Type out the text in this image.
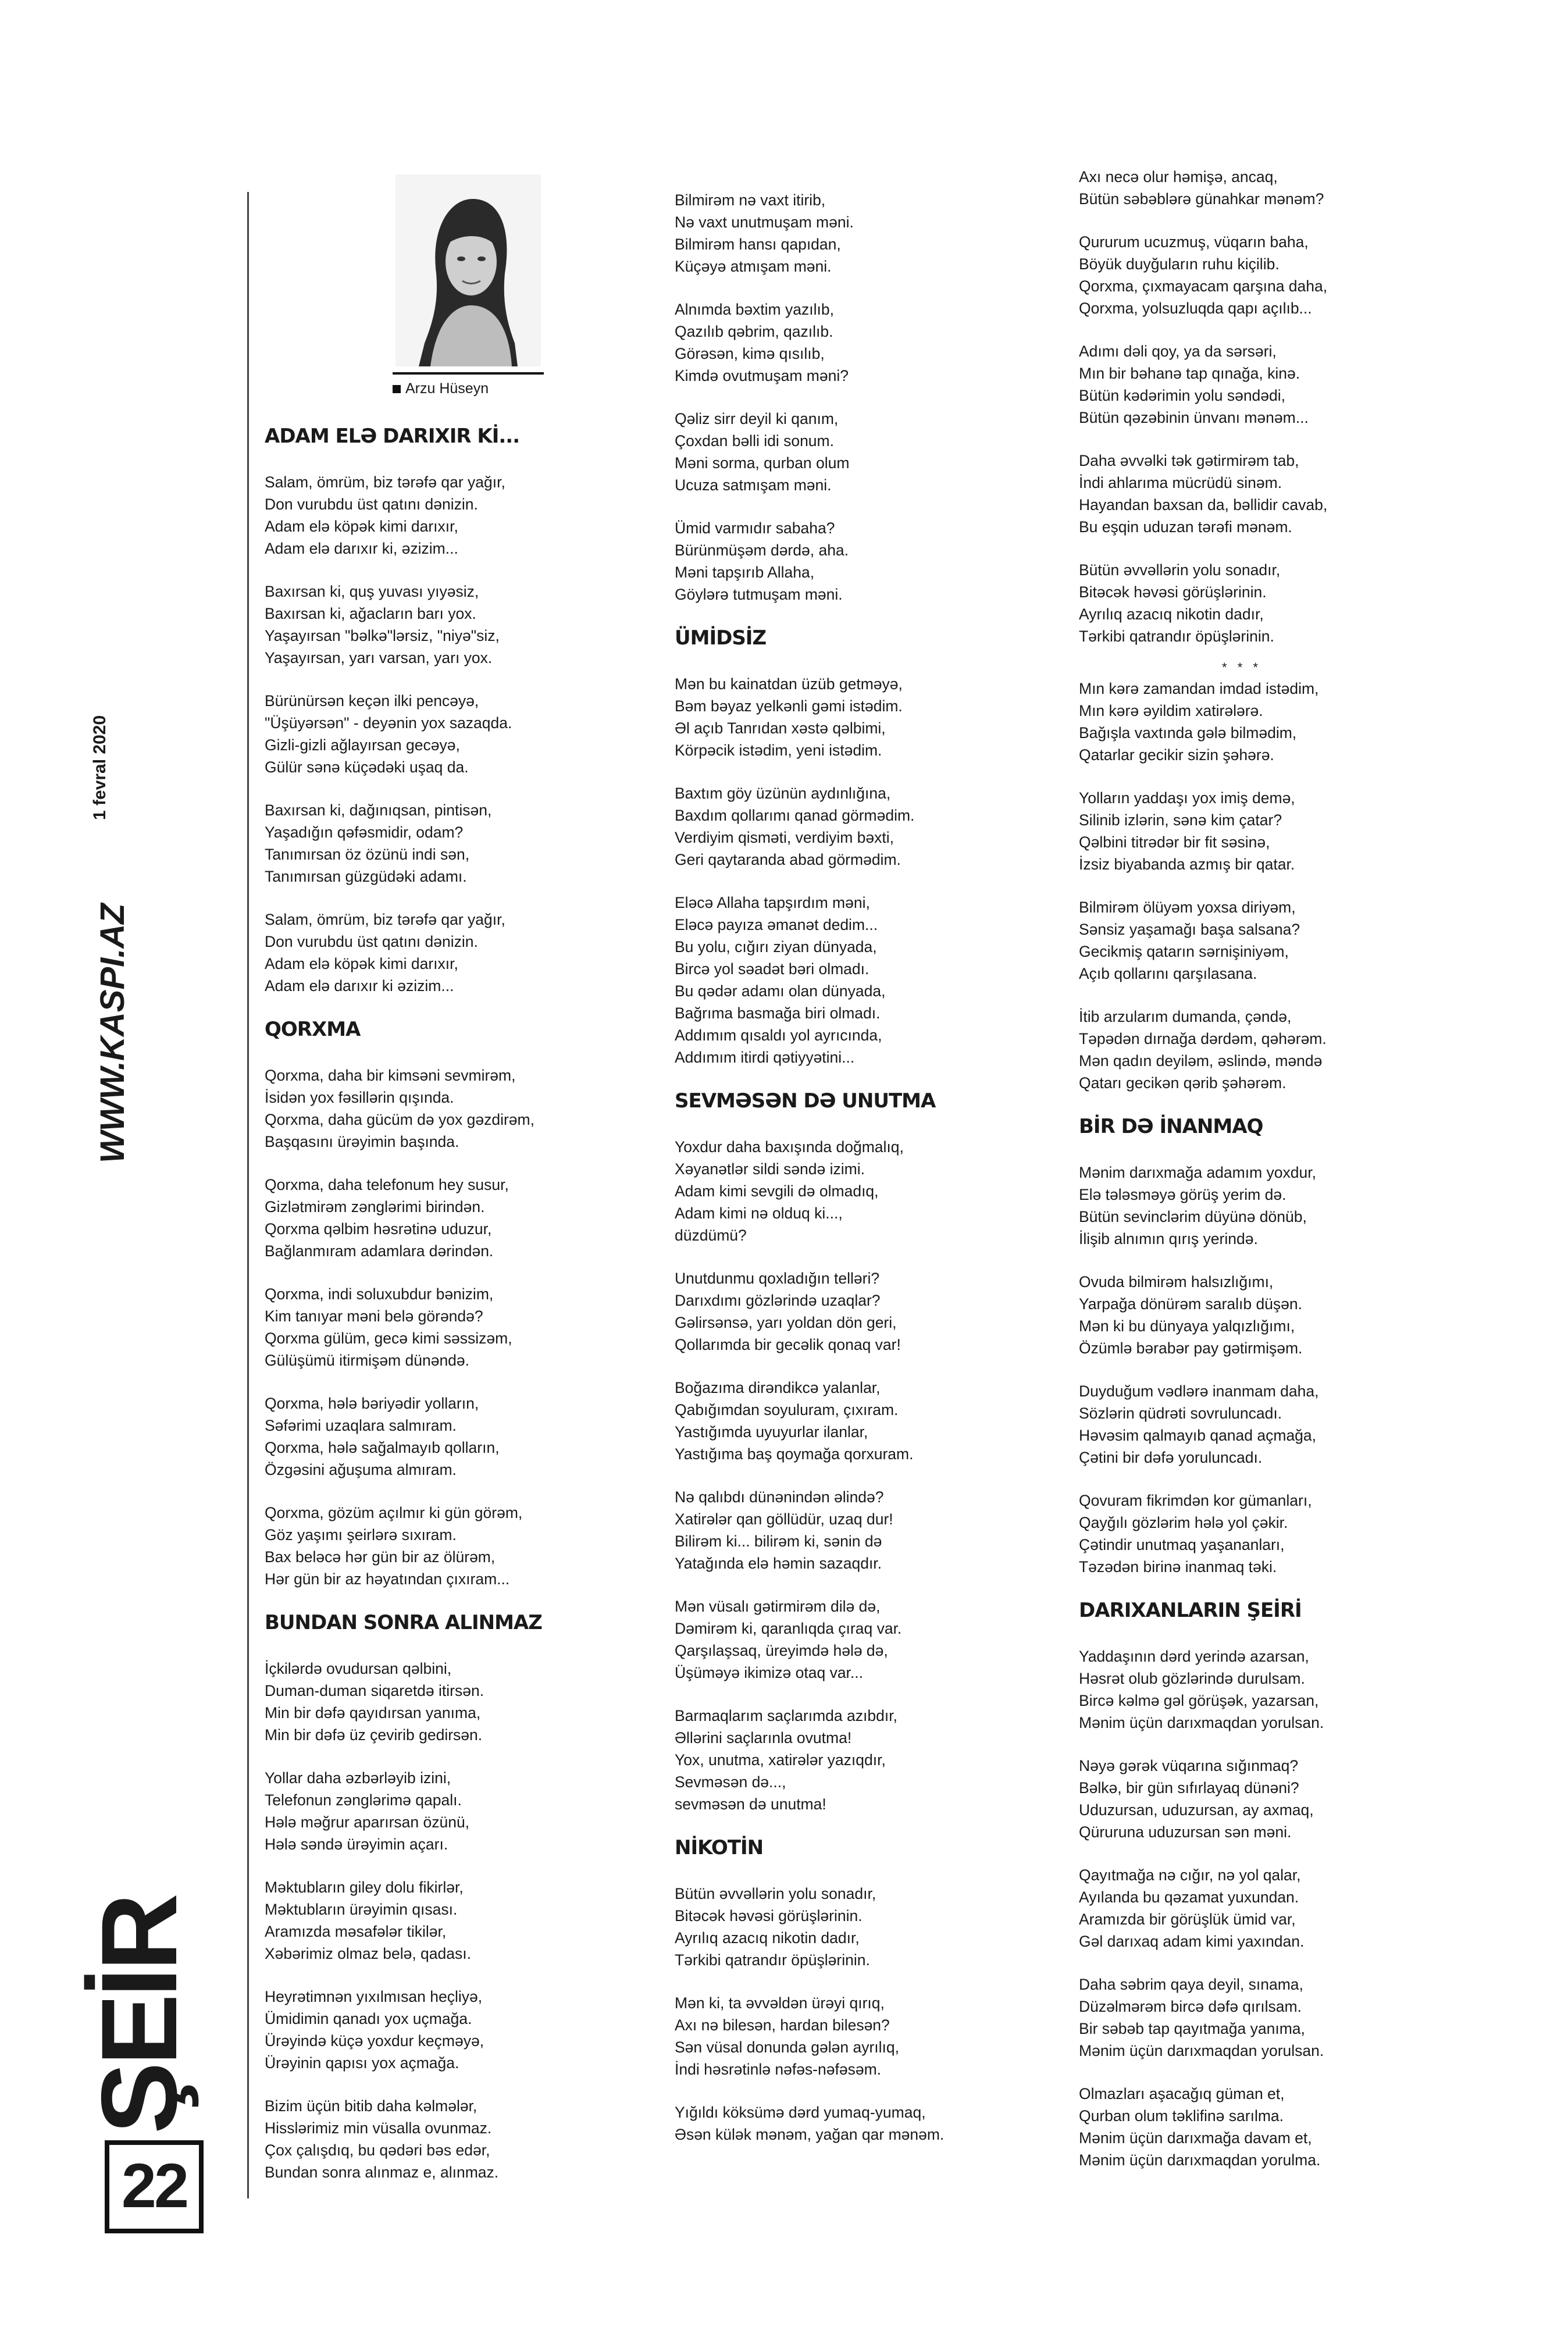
1 fevral 2020
WWW.KASPI.AZ
ŞEİR
22
Arzu Hüseyn
ADAM ELƏ DARIXIR Kİ...
Salam, ömrüm, biz tərəfə qar yağır,
Don vurubdu üst qatını dənizin.
Adam elə köpək kimi darıxır,
Adam elə darıxır ki, əzizim...
Baxırsan ki, quş yuvası yıyəsiz,
Baxırsan ki, ağacların barı yox.
Yaşayırsan "bəlkə"lərsiz, "niyə"siz,
Yaşayırsan, yarı varsan, yarı yox.
Bürünürsən keçən ilki pencəyə,
"Üşüyərsən" - deyənin yox sazaqda.
Gizli-gizli ağlayırsan gecəyə,
Gülür sənə küçədəki uşaq da.
Baxırsan ki, dağınıqsan, pintisən,
Yaşadığın qəfəsmidir, odam?
Tanımırsan öz özünü indi sən,
Tanımırsan güzgüdəki adamı.
Salam, ömrüm, biz tərəfə qar yağır,
Don vurubdu üst qatını dənizin.
Adam elə köpək kimi darıxır,
Adam elə darıxır ki əzizim...
QORXMA
Qorxma, daha bir kimsəni sevmirəm,
İsidən yox fəsillərin qışında.
Qorxma, daha gücüm də yox gəzdirəm,
Başqasını ürəyimin başında.
Qorxma, daha telefonum hey susur,
Gizlətmirəm zənglərimi birindən.
Qorxma qəlbim həsrətinə uduzur,
Bağlanmıram adamlara dərindən.
Qorxma, indi soluxubdur bənizim,
Kim tanıyar məni belə görəndə?
Qorxma gülüm, gecə kimi səssizəm,
Gülüşümü itirmişəm dünəndə.
Qorxma, hələ bəriyədir yolların,
Səfərimi uzaqlara salmıram.
Qorxma, hələ sağalmayıb qolların,
Özgəsini ağuşuma almıram.
Qorxma, gözüm açılmır ki gün görəm,
Göz yaşımı şeirlərə sıxıram.
Bax beləcə hər gün bir az ölürəm,
Hər gün bir az həyatından çıxıram...
BUNDAN SONRA ALINMAZ
İçkilərdə ovudursan qəlbini,
Duman-duman siqaretdə itirsən.
Min bir dəfə qayıdırsan yanıma,
Min bir dəfə üz çevirib gedirsən.
Yollar daha əzbərləyib izini,
Telefonun zənglərimə qapalı.
Hələ məğrur aparırsan özünü,
Hələ səndə ürəyimin açarı.
Məktubların giley dolu fikirlər,
Məktubların ürəyimin qısası.
Aramızda məsafələr tikilər,
Xəbərimiz olmaz belə, qadası.
Heyrətimnən yıxılmısan heçliyə,
Ümidimin qanadı yox uçmağa.
Ürəyində küçə yoxdur keçməyə,
Ürəyinin qapısı yox açmağa.
Bizim üçün bitib daha kəlmələr,
Hisslərimiz min vüsalla ovunmaz.
Çox çalışdıq, bu qədəri bəs edər,
Bundan sonra alınmaz e, alınmaz.
Bilmirəm nə vaxt itirib,
Nə vaxt unutmuşam məni.
Bilmirəm hansı qapıdan,
Küçəyə atmışam məni.
Alnımda bəxtim yazılıb,
Qazılıb qəbrim, qazılıb.
Görəsən, kimə qısılıb,
Kimdə ovutmuşam məni?
Qəliz sirr deyil ki qanım,
Çoxdan bəlli idi sonum.
Məni sorma, qurban olum
Ucuza satmışam məni.
Ümid varmıdır sabaha?
Bürünmüşəm dərdə, aha.
Məni tapşırıb Allaha,
Göylərə tutmuşam məni.
ÜMİDSİZ
Mən bu kainatdan üzüb getməyə,
Bəm bəyaz yelkənli gəmi istədim.
Əl açıb Tanrıdan xəstə qəlbimi,
Körpəcik istədim, yeni istədim.
Baxtım göy üzünün aydınlığına,
Baxdım qollarımı qanad görmədim.
Verdiyim qisməti, verdiyim bəxti,
Geri qaytaranda abad görmədim.
Eləcə Allaha tapşırdım məni,
Eləcə payıza əmanət dedim...
Bu yolu, cığırı ziyan dünyada,
Bircə yol səadət bəri olmadı.
Bu qədər adamı olan dünyada,
Bağrıma basmağa biri olmadı.
Addımım qısaldı yol ayrıcında,
Addımım itirdi qətiyyətini...
SEVMƏSƏN DƏ UNUTMA
Yoxdur daha baxışında doğmalıq,
Xəyanətlər sildi səndə izimi.
Adam kimi sevgili də olmadıq,
Adam kimi nə olduq ki...,
düzdümü?
Unutdunmu qoxladığın telləri?
Darıxdımı gözlərində uzaqlar?
Gəlirsənsə, yarı yoldan dön geri,
Qollarımda bir gecəlik qonaq var!
Boğazıma dirəndikcə yalanlar,
Qabığımdan soyuluram, çıxıram.
Yastığımda uyuyurlar ilanlar,
Yastığıma baş qoymağa qorxuram.
Nə qalıbdı dünənindən əlində?
Xatirələr qan göllüdür, uzaq dur!
Bilirəm ki... bilirəm ki, sənin də
Yatağında elə həmin sazaqdır.
Mən vüsalı gətirmirəm dilə də,
Dəmirəm ki, qaranlıqda çıraq var.
Qarşılaşsaq, üreyimdə hələ də,
Üşüməyə ikimizə otaq var...
Barmaqlarım saçlarımda azıbdır,
Əllərini saçlarınla ovutma!
Yox, unutma, xatirələr yazıqdır,
Sevməsən də...,
sevməsən də unutma!
NİKOTİN
Bütün əvvəllərin yolu sonadır,
Bitəcək həvəsi görüşlərinin.
Ayrılıq azacıq nikotin dadır,
Tərkibi qatrandır öpüşlərinin.
Mən ki, ta əvvəldən ürəyi qırıq,
Axı nə bilesən, hardan bilesən?
Sən vüsal donunda gələn ayrılıq,
İndi həsrətinlə nəfəs-nəfəsəm.
Yığıldı köksümə dərd yumaq-yumaq,
Əsən külək mənəm, yağan qar mənəm.
Axı necə olur həmişə, ancaq,
Bütün səbəblərə günahkar mənəm?
Qururum ucuzmuş, vüqarın baha,
Böyük duyğuların ruhu kiçilib.
Qorxma, çıxmayacam qarşına daha,
Qorxma, yolsuzluqda qapı açılıb...
Adımı dəli qoy, ya da sərsəri,
Mın bir bəhanə tap qınağa, kinə.
Bütün kədərimin yolu səndədi,
Bütün qəzəbinin ünvanı mənəm...
Daha əvvəlki tək gətirmirəm tab,
İndi ahlarıma mücrüdü sinəm.
Hayandan baxsan da, bəllidir cavab,
Bu eşqin uduzan tərəfi mənəm.
Bütün əvvəllərin yolu sonadır,
Bitəcək həvəsi görüşlərinin.
Ayrılıq azacıq nikotin dadır,
Tərkibi qatrandır öpüşlərinin.
* * *
Mın kərə zamandan imdad istədim,
Mın kərə əyildim xatirələrə.
Bağışla vaxtında gələ bilmədim,
Qatarlar gecikir sizin şəhərə.
Yolların yaddaşı yox imiş demə,
Silinib izlərin, sənə kim çatar?
Qəlbini titrədər bir fit səsinə,
İzsiz biyabanda azmış bir qatar.
Bilmirəm ölüyəm yoxsa diriyəm,
Sənsiz yaşamağı başa salsana?
Gecikmiş qatarın sərnişiniyəm,
Açıb qollarını qarşılasana.
İtib arzularım dumanda, çəndə,
Təpədən dırnağa dərdəm, qəhərəm.
Mən qadın deyiləm, əslində, məndə
Qatarı gecikən qərib şəhərəm.
BİR DƏ İNANMAQ
Mənim darıxmağa adamım yoxdur,
Elə tələsməyə görüş yerim də.
Bütün sevinclərim düyünə dönüb,
İlişib alnımın qırış yerində.
Ovuda bilmirəm halsızlığımı,
Yarpağa dönürəm saralıb düşən.
Mən ki bu dünyaya yalqızlığımı,
Özümlə bərabər pay gətirmişəm.
Duyduğum vədlərə inanmam daha,
Sözlərin qüdrəti sovruluncadı.
Həvəsim qalmayıb qanad açmağa,
Çətini bir dəfə yoruluncadı.
Qovuram fikrimdən kor gümanları,
Qayğılı gözlərim hələ yol çəkir.
Çətindir unutmaq yaşananları,
Təzədən birinə inanmaq təki.
DARIXANLARIN ŞEİRİ
Yaddaşının dərd yerində azarsan,
Həsrət olub gözlərində durulsam.
Bircə kəlmə gəl görüşək, yazarsan,
Mənim üçün darıxmaqdan yorulsan.
Nəyə gərək vüqarına sığınmaq?
Bəlkə, bir gün sıfırlayaq dünəni?
Uduzursan, uduzursan, ay axmaq,
Qüruruna uduzursan sən məni.
Qayıtmağa nə cığır, nə yol qalar,
Ayılanda bu qəzamat yuxundan.
Aramızda bir görüşlük ümid var,
Gəl darıxaq adam kimi yaxından.
Daha səbrim qaya deyil, sınama,
Düzəlmərəm bircə dəfə qırılsam.
Bir səbəb tap qayıtmağa yanıma,
Mənim üçün darıxmaqdan yorulsan.
Olmazları aşacağıq güman et,
Qurban olum təklifinə sarılma.
Mənim üçün darıxmağa davam et,
Mənim üçün darıxmaqdan yorulma.
